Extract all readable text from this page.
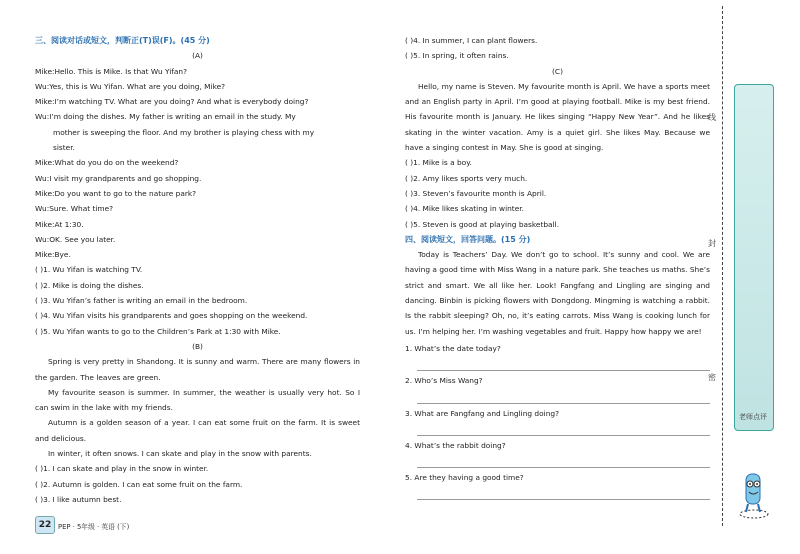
三、阅读对话或短文，判断正(T)误(F)。(45 分)
(A)
Mike:Hello. This is Mike. Is that Wu Yifan?
Wu:Yes, this is Wu Yifan. What are you doing, Mike?
Mike:I’m watching TV. What are you doing? And what is everybody doing?
Wu:I’m doing the dishes. My father is writing an email in the study. My
mother is sweeping the floor. And my brother is playing chess with my
sister.
Mike:What do you do on the weekend?
Wu:I visit my grandparents and go shopping.
Mike:Do you want to go to the nature park?
Wu:Sure. What time?
Mike:At 1:30.
Wu:OK. See you later.
Mike:Bye.
( )1. Wu Yifan is watching TV.
( )2. Mike is doing the dishes.
( )3. Wu Yifan’s father is writing an email in the bedroom.
( )4. Wu Yifan visits his grandparents and goes shopping on the weekend.
( )5. Wu Yifan wants to go to the Children’s Park at 1:30 with Mike.
(B)
Spring is very pretty in Shandong. It is sunny and warm. There are many flowers in the garden. The leaves are green.
My favourite season is summer. In summer, the weather is usually very hot. So I can swim in the lake with my friends.
Autumn is a golden season of a year. I can eat some fruit on the farm. It is sweet and delicious.
In winter, it often snows. I can skate and play in the snow with parents.
( )1. I can skate and play in the snow in winter.
( )2. Autumn is golden. I can eat some fruit on the farm.
( )3. I like autumn best.
( )4. In summer, I can plant flowers.
( )5. In spring, it often rains.
(C)
Hello, my name is Steven. My favourite month is April. We have a sports meet and an English party in April. I’m good at playing football. Mike is my best friend. His favourite month is January. He likes singing “Happy New Year”. And he likes skating in the winter vacation. Amy is a quiet girl. She likes May. Because we have a singing contest in May. She is good at singing.
( )1. Mike is a boy.
( )2. Amy likes sports very much.
( )3. Steven’s favourite month is April.
( )4. Mike likes skating in winter.
( )5. Steven is good at playing basketball.
四、阅读短文，回答问题。(15 分)
Today is Teachers’ Day. We don’t go to school. It’s sunny and cool. We are having a good time with Miss Wang in a nature park. She teaches us maths. She’s strict and smart. We all like her. Look! Fangfang and Lingling are singing and dancing. Binbin is picking flowers with Dongdong. Mingming is watching a rabbit. Is the rabbit sleeping? Oh, no, it’s eating carrots. Miss Wang is cooking lunch for us. I’m helping her. I’m washing vegetables and fruit. Happy how happy we are!
1. What’s the date today?
2. Who’s Miss Wang?
3. What are Fangfang and Lingling doing?
4. What’s the rabbit doing?
5. Are they having a good time?
线
封
密
老师点评
22 PEP · 5年级 · 英语 (下)
